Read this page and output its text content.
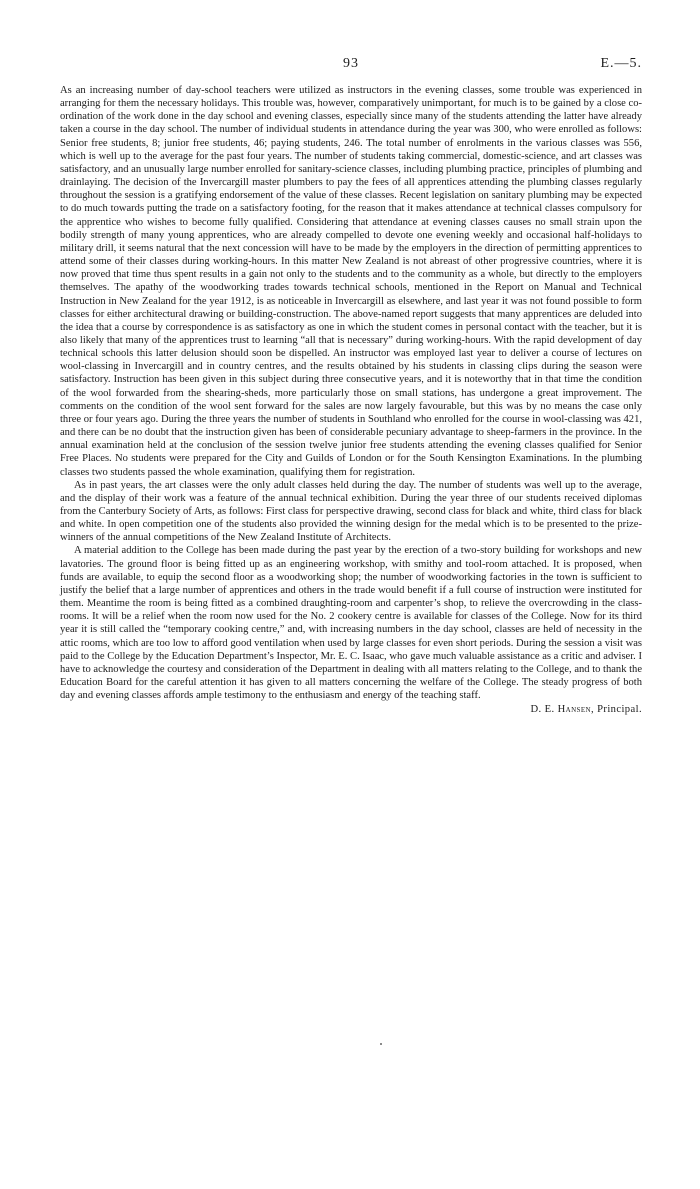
93	E.—5.

As an increasing number of day-school teachers were utilized as instructors in the evening classes, some trouble was experienced in arranging for them the necessary holidays. This trouble was, however, comparatively unimportant, for much is to be gained by a close co-ordination of the work done in the day school and evening classes, especially since many of the students attending the latter have already taken a course in the day school. The number of individual students in attendance during the year was 300, who were enrolled as follows: Senior free students, 8; junior free students, 46; paying students, 246. The total number of enrolments in the various classes was 556, which is well up to the average for the past four years. The number of students taking commercial, domestic-science, and art classes was satisfactory, and an unusually large number enrolled for sanitary-science classes, including plumbing practice, principles of plumbing and drainlaying. The decision of the Invercargill master plumbers to pay the fees of all apprentices attending the plumbing classes regularly throughout the session is a gratifying endorsement of the value of these classes. Recent legislation on sanitary plumbing may be expected to do much towards putting the trade on a satisfactory footing, for the reason that it makes attendance at technical classes compulsory for the apprentice who wishes to become fully qualified. Considering that attendance at evening classes causes no small strain upon the bodily strength of many young apprentices, who are already compelled to devote one evening weekly and occasional half-holidays to military drill, it seems natural that the next concession will have to be made by the employers in the direction of permitting apprentices to attend some of their classes during working-hours. In this matter New Zealand is not abreast of other progressive countries, where it is now proved that time thus spent results in a gain not only to the students and to the community as a whole, but directly to the employers themselves. The apathy of the woodworking trades towards technical schools, mentioned in the Report on Manual and Technical Instruction in New Zealand for the year 1912, is as noticeable in Invercargill as elsewhere, and last year it was not found possible to form classes for either architectural drawing or building-construction. The above-named report suggests that many apprentices are deluded into the idea that a course by correspondence is as satisfactory as one in which the student comes in personal contact with the teacher, but it is also likely that many of the apprentices trust to learning “all that is necessary” during working-hours. With the rapid development of day technical schools this latter delusion should soon be dispelled. An instructor was employed last year to deliver a course of lectures on wool-classing in Invercargill and in country centres, and the results obtained by his students in classing clips during the season were satisfactory. Instruction has been given in this subject during three consecutive years, and it is noteworthy that in that time the condition of the wool forwarded from the shearing-sheds, more particularly those on small stations, has undergone a great improvement. The comments on the condition of the wool sent forward for the sales are now largely favourable, but this was by no means the case only three or four years ago. During the three years the number of students in Southland who enrolled for the course in wool-classing was 421, and there can be no doubt that the instruction given has been of considerable pecuniary advantage to sheep-farmers in the province. In the annual examination held at the conclusion of the session twelve junior free students attending the evening classes qualified for Senior Free Places. No students were prepared for the City and Guilds of London or for the South Kensington Examinations. In the plumbing classes two students passed the whole examination, qualifying them for registration.

As in past years, the art classes were the only adult classes held during the day. The number of students was well up to the average, and the display of their work was a feature of the annual technical exhibition. During the year three of our students received diplomas from the Canterbury Society of Arts, as follows: First class for perspective drawing, second class for black and white, third class for black and white. In open competition one of the students also provided the winning design for the medal which is to be presented to the prize-winners of the annual competitions of the New Zealand Institute of Architects.

A material addition to the College has been made during the past year by the erection of a two-story building for workshops and new lavatories. The ground floor is being fitted up as an engineering workshop, with smithy and tool-room attached. It is proposed, when funds are available, to equip the second floor as a woodworking shop; the number of woodworking factories in the town is sufficient to justify the belief that a large number of apprentices and others in the trade would benefit if a full course of instruction were instituted for them. Meantime the room is being fitted as a combined draughting-room and carpenter’s shop, to relieve the overcrowding in the class-rooms. It will be a relief when the room now used for the No. 2 cookery centre is available for classes of the College. Now for its third year it is still called the “temporary cooking centre,” and, with increasing numbers in the day school, classes are held of necessity in the attic rooms, which are too low to afford good ventilation when used by large classes for even short periods. During the session a visit was paid to the College by the Education Department’s Inspector, Mr. E. C. Isaac, who gave much valuable assistance as a critic and adviser. I have to acknowledge the courtesy and consideration of the Department in dealing with all matters relating to the College, and to thank the Education Board for the careful attention it has given to all matters concerning the welfare of the College. The steady progress of both day and evening classes affords ample testimony to the enthusiasm and energy of the teaching staff.

D. E. Hansen, Principal.
